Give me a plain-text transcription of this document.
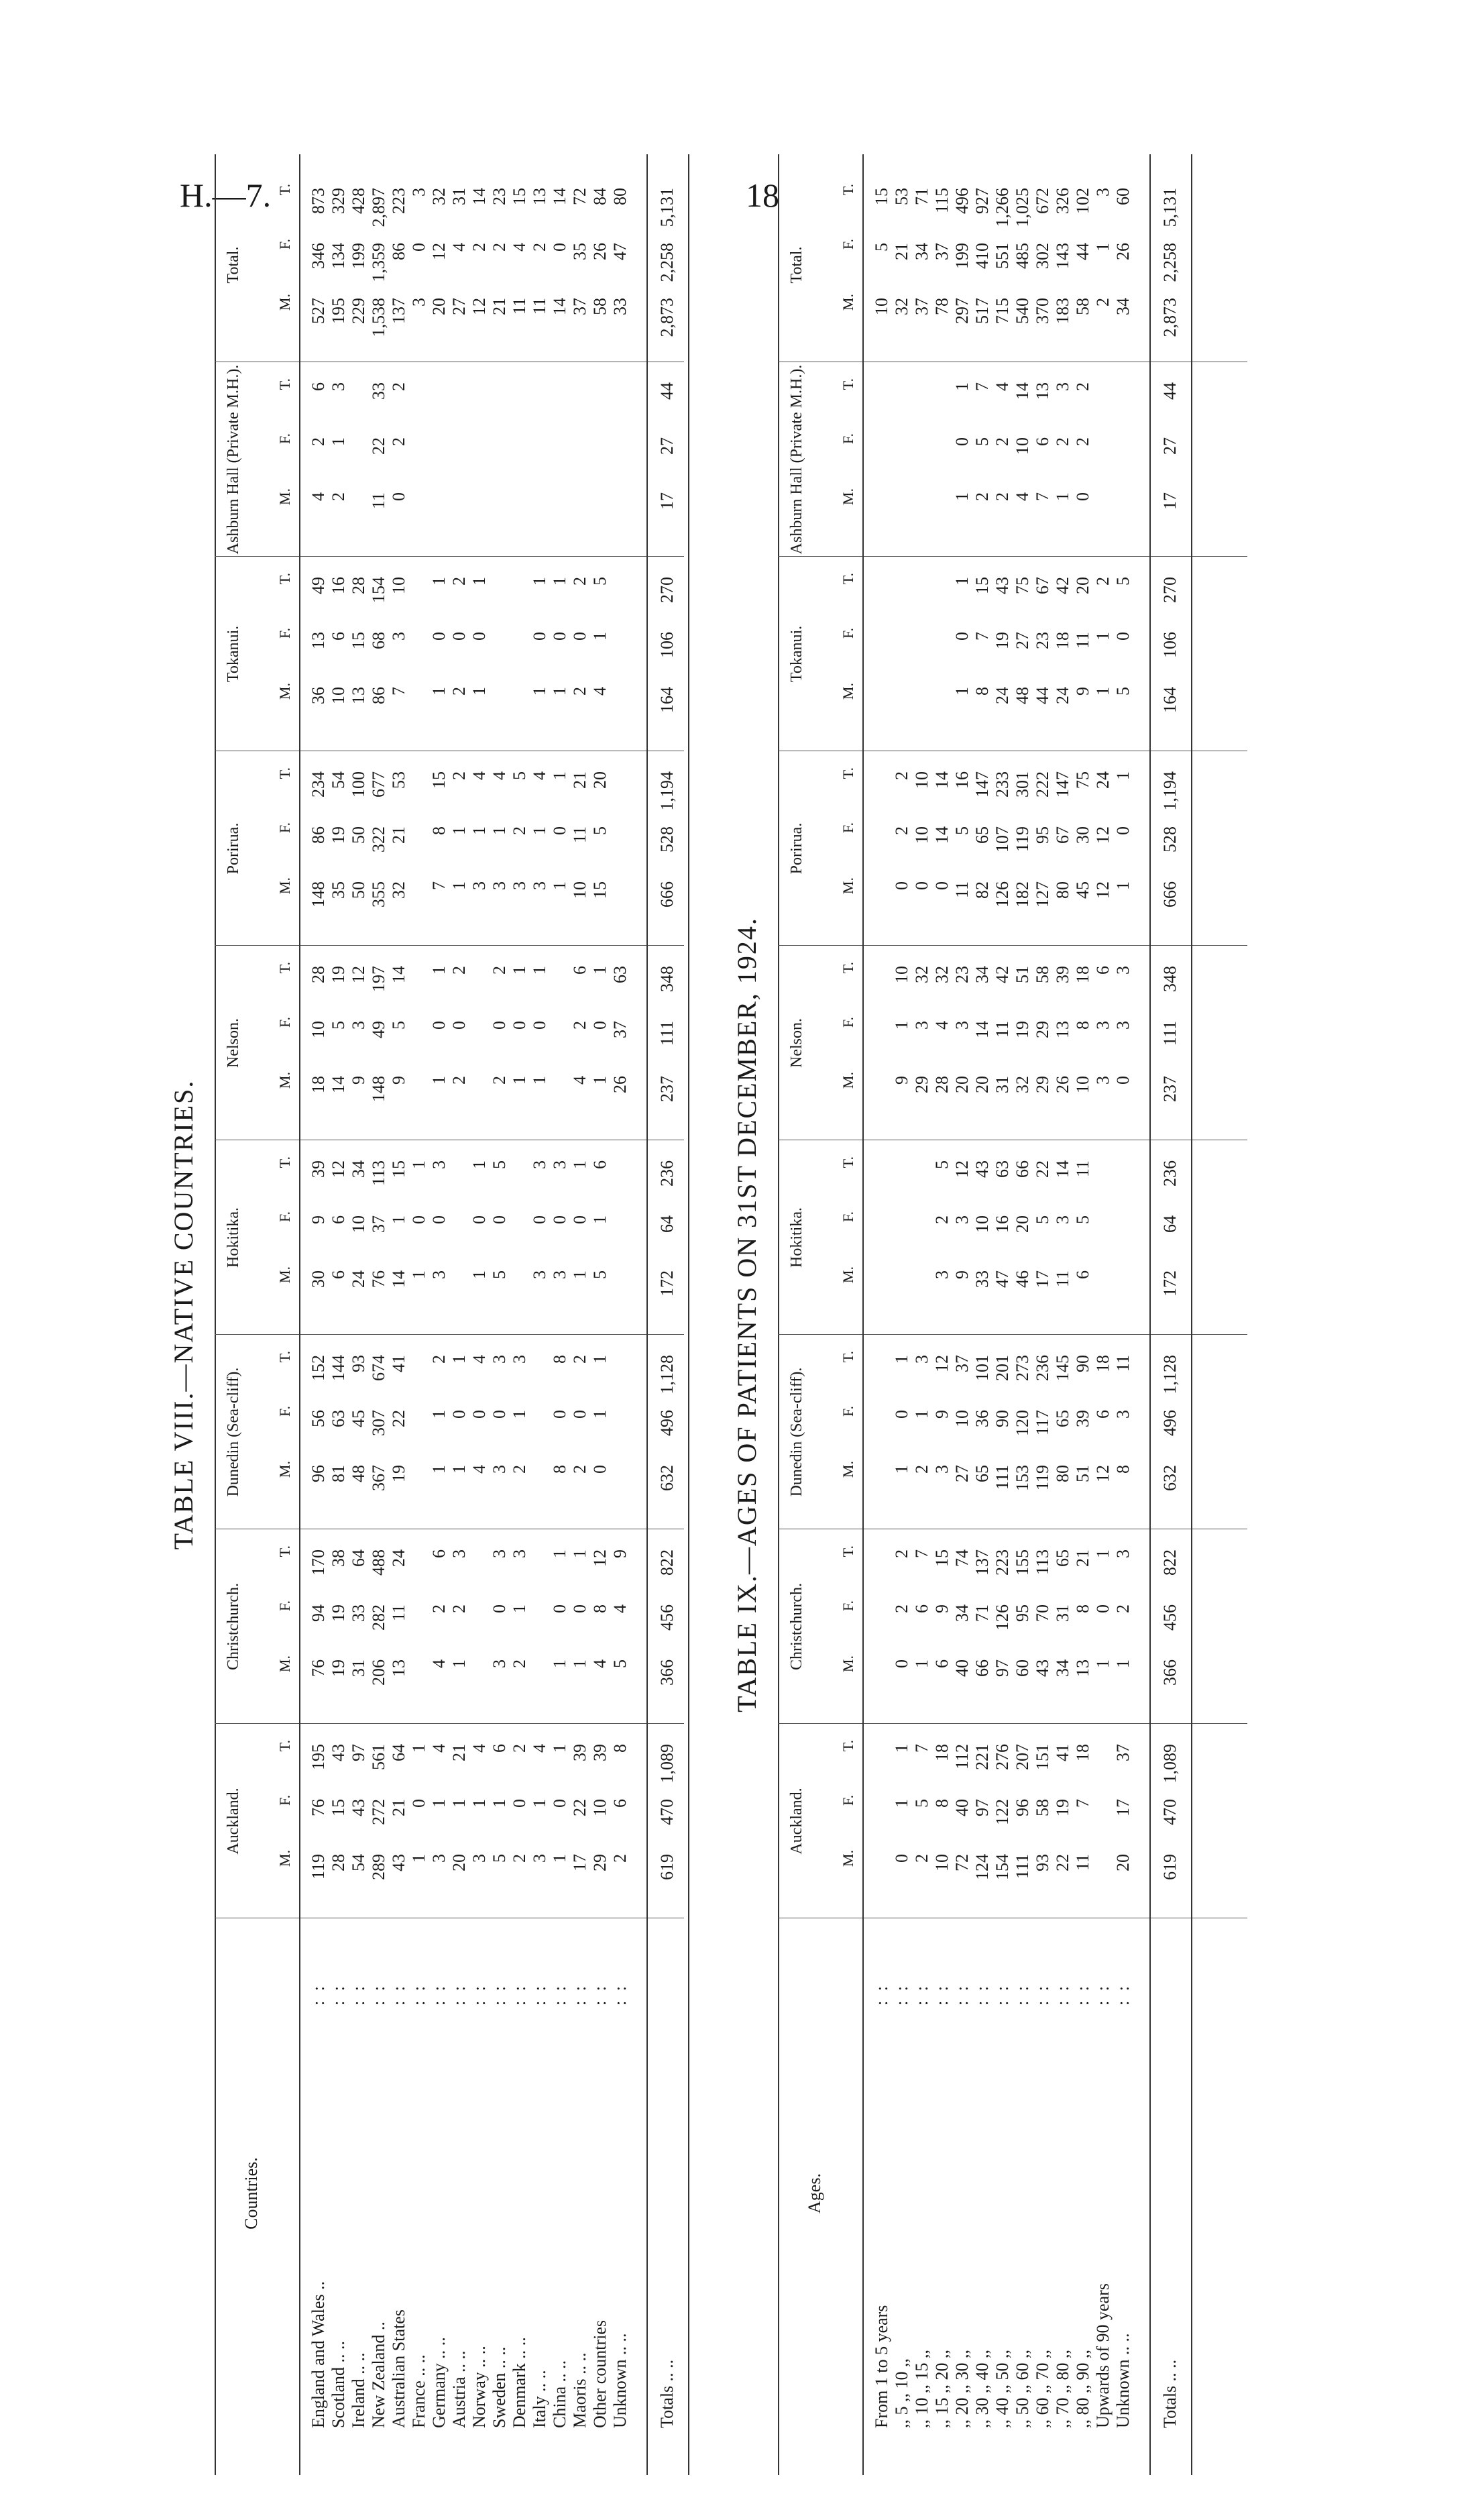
H.—7.	18
TABLE VIII.—NATIVE COUNTRIES.
Countries.
Auckland.
M.
F.
T.
Christchurch. M.
F.
T.
Dunedin (Sea-cliff). M.
F.
T.
Hokitika.
M.
F.
T.
Nelson.
M.
F.
T.
Porirua.
M.
F.
T.
Tokanui.
M.
F.
T.
Ashburn Hall (Private M.H.). M.
F.
T.
Total.
M.
F.
T.
England and Wales ..
: :
119
76
195
76
94
170
96
56
152
30
9
39
18
10
28
148
86
234
36
13
49
4
2
6
527
346
873
Scotland .. ..
: :
28
15
43
19
19
38
81
63
144
6
6
12
14
5
19
35
19
54
10
6
16
2
1
3
195
134
329
Ireland .. ..
: :
54
43
97
31
33
64
48
45
93
24
10
34
9
3
12
50
50
100
13
15
28
229
199
428
New Zealand ..
: :
289
272
561
206
282
488
367
307
674
76
37
113
148
49
197
355
322
677
86
68
154
11
22
33
1,538
1,359
2,897
Australian States
: :
43
21
64
13
11
24
19
22
41
14
1
15
9
5
14
32
21
53
7
3
10
0
2
2
137
86
223
France .. ..
: :
1
0
1
1
0
1
3
0
3
Germany .. ..
: :
3
1
4
4
2
6
1
1
2
3
0
3
1
0
1
7
8
15
1
0
1
20
12
32
Austria .. ..
: :
20
1
21
1
2
3
1
0
1
2
0
2
1
1
2
2
0
2
27
4
31
Norway .. ..
: :
3
1
4
4
0
4
1
0
1
3
1
4
1
0
1
12
2
14
Sweden .. ..
: :
5
1
6
3
0
3
3
0
3
5
0
5
2
0
2
3
1
4
21
2
23
Denmark .. ..
: :
2
0
2
2
1
3
2
1
3
1
0
1
3
2
5
11
4
15
Italy .. ..
: :
3
1
4
3
0
3
1
0
1
3
1
4
1
0
1
11
2
13
China .. ..
: :
1
0
1
1
0
1
8
0
8
3
0
3
1
0
1
1
0
1
14
0
14
Maoris .. ..
: :
17
22
39
1
0
1
2
0
2
1
0
1
4
2
6
10
11
21
2
0
2
37
35
72
Other countries
: :
29
10
39
4
8
12
0
1
1
5
1
6
1
0
1
15
5
20
4
1
5
58
26
84
Unknown .. ..
: :
2
6
8
5
4
9
26
37
63
33
47
80
Totals .. ..
619
470
1,089
366
456
822
632
496
1,128
172
64
236
237
111
348
666
528
1,194
164
106
270
17
27
44
2,873
2,258
5,131
TABLE IX.—AGES OF PATIENTS ON 31ST DECEMBER, 1924.
Ages.
Auckland.
M.
F.
T.
Christchurch. M.
F.
T.
Dunedin (Sea-cliff). M.
F.
T.
Hokitika.
M.
F.
T.
Nelson.
M.
F.
T.
Porirua.
M.
F.
T.
Tokanui.
M.
F.
T.
Ashburn Hall (Private M.H.). M.
F.
T.
Total.
M.
F.
T.
From 1 to 5 years
: :
10
5
15
,, 5 ,, 10 ,,
: :
0
1
1
0
2
2
1
0
1
9
1
10
0
2
2
32
21
53
,, 10 ,, 15 ,,
: :
2
5
7
1
6
7
2
1
3
29
3
32
0
10
10
37
34
71
,, 15 ,, 20 ,,
: :
10
8
18
6
9
15
3
9
12
3
2
5
28
4
32
0
14
14
78
37
115
,, 20 ,, 30 ,,
: :
72
40
112
40
34
74
27
10
37
9
3
12
20
3
23
11
5
16
1
0
1
1
0
1
297
199
496
,, 30 ,, 40 ,,
: :
124
97
221
66
71
137
65
36
101
33
10
43
20
14
34
82
65
147
8
7
15
2
5
7
517
410
927
,, 40 ,, 50 ,,
: :
154
122
276
97
126
223
111
90
201
47
16
63
31
11
42
126
107
233
24
19
43
2
2
4
715
551
1,266
,, 50 ,, 60 ,,
: :
111
96
207
60
95
155
153
120
273
46
20
66
32
19
51
182
119
301
48
27
75
4
10
14
540
485
1,025
,, 60 ,, 70 ,,
: :
93
58
151
43
70
113
119
117
236
17
5
22
29
29
58
127
95
222
44
23
67
7
6
13
370
302
672
,, 70 ,, 80 ,,
: :
22
19
41
34
31
65
80
65
145
11
3
14
26
13
39
80
67
147
24
18
42
1
2
3
183
143
326
,, 80 ,, 90 ,,
: :
11
7
18
13
8
21
51
39
90
6
5
11
10
8
18
45
30
75
9
11
20
0
2
2
58
44
102
Upwards of 90 years
: :
1
0
1
12
6
18
3
3
6
12
12
24
1
1
2
2
1
3
Unknown .. ..
: :
20
17
37
1
2
3
8
3
11
0
3
3
1
0
1
5
0
5
34
26
60
Totals .. ..
619
470
1,089
366
456
822
632
496
1,128
172
64
236
237
111
348
666
528
1,194
164
106
270
17
27
44
2,873
2,258
5,131
